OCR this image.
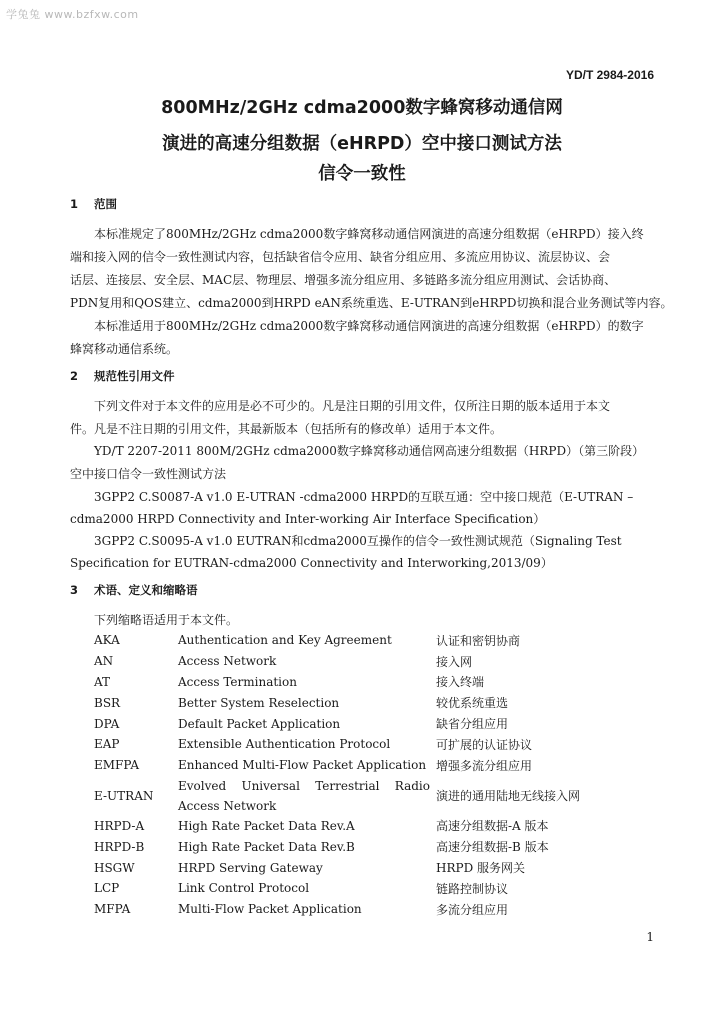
学兔兔 www.bzfxw.com
YD/T 2984-2016
800MHz/2GHz cdma2000数字蜂窝移动通信网
演进的高速分组数据（eHRPD）空中接口测试方法
信令一致性
1 范围
本标准规定了800MHz/2GHz cdma2000数字蜂窝移动通信网演进的高速分组数据（eHRPD）接入终
端和接入网的信令一致性测试内容，包括缺省信令应用、缺省分组应用、多流应用协议、流层协议、会
话层、连接层、安全层、MAC层、物理层、增强多流分组应用、多链路多流分组应用测试、会话协商、
PDN复用和QOS建立、cdma2000到HRPD eAN系统重选、E-UTRAN到eHRPD切换和混合业务测试等内容。
本标准适用于800MHz/2GHz cdma2000数字蜂窝移动通信网演进的高速分组数据（eHRPD）的数字
蜂窝移动通信系统。
2 规范性引用文件
下列文件对于本文件的应用是必不可少的。凡是注日期的引用文件，仅所注日期的版本适用于本文
件。凡是不注日期的引用文件，其最新版本（包括所有的修改单）适用于本文件。
YD/T 2207-2011 800M/2GHz cdma2000数字蜂窝移动通信网高速分组数据（HRPD）（第三阶段）
空中接口信令一致性测试方法
3GPP2 C.S0087-A v1.0 E-UTRAN -cdma2000 HRPD的互联互通：空中接口规范（E-UTRAN –
cdma2000 HRPD Connectivity and Inter-working Air Interface Specification）
3GPP2 C.S0095-A v1.0 EUTRAN和cdma2000互操作的信令一致性测试规范（Signaling Test
Specification for EUTRAN-cdma2000 Connectivity and Interworking,2013/09）
3 术语、定义和缩略语
下列缩略语适用于本文件。
AKA	Authentication and Key Agreement	认证和密钥协商
AN	Access Network	接入网
AT	Access Termination	接入终端
BSR	Better System Reselection	较优系统重选
DPA	Default Packet Application	缺省分组应用
EAP	Extensible Authentication Protocol	可扩展的认证协议
EMFPA	Enhanced Multi-Flow Packet Application	增强多流分组应用
E-UTRAN	Evolved Universal Terrestrial Radio Access Network	演进的通用陆地无线接入网
HRPD-A	High Rate Packet Data Rev.A	高速分组数据-A 版本
HRPD-B	High Rate Packet Data Rev.B	高速分组数据-B 版本
HSGW	HRPD Serving Gateway	HRPD 服务网关
LCP	Link Control Protocol	链路控制协议
MFPA	Multi-Flow Packet Application	多流分组应用
1
